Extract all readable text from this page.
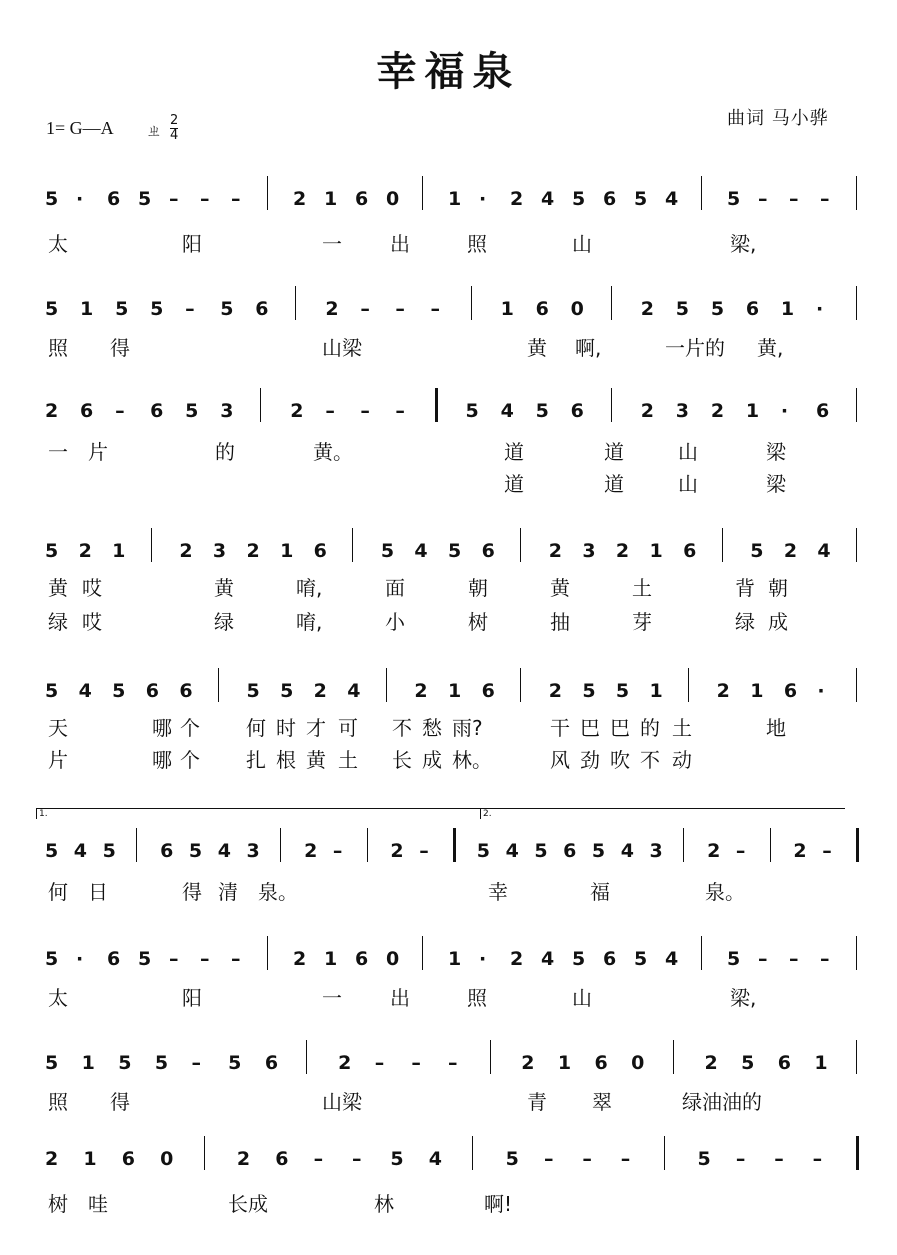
幸福泉
1= G—A	2
4
ㄓ
曲词 马小骅
5 · 6 5 – – –	2 1 6 0	1 · 2 4 5 6 5 4	5 – – –
5 1 5 5 – 5 6	2 – – –	1 6 0	2 5 5 6 1 ·
2 6 – 6 5 3	2 – – –	5 4 5 6	2 3 2 1 · 6
5 2 1	2 3 2 1 6	5 4 5 6	2 3 2 1 6	5 2 4
5 4 5 6 6	5 5 2 4	2 1 6	2 5 5 1	2 1 6 ·
5 4 5 6 5 4 3 2 –	2 –	5 4 5 6 5 4 3 2 –	2 –
5 · 6 5 – – –	2 1 6 0	1 · 2 4 5 6 5 4	5 – – –
5 1 5 5 – 5 6	2 – – –	2 1 6 0	2 5 6 1
2 1 6 0	2 6 – – 5 4	5 – – –	5 – – –
太	阳	一 出	照	山	梁,
照 得	山梁	黄 啊,	一片的 黄,
一 片	的	黄。	道	道	山	梁
道	道	山	梁
黄 哎	黄	唷,	面	朝	黄	土	背 朝
绿 哎	绿	唷,	小	树	抽	芽	绿 成
天	哪 个 何 时 才 可 不 愁 雨?	干 巴 巴 的 土	地
片	哪 个 扎 根 黄 土 长 成 林。	风 劲 吹 不 动
何 日	得 清 泉。	幸	福	泉。
太	阳	一 出	照	山	梁,
照 得	山梁	青 翠	绿油油的
树 哇	长成	林	啊!
1.	2.
